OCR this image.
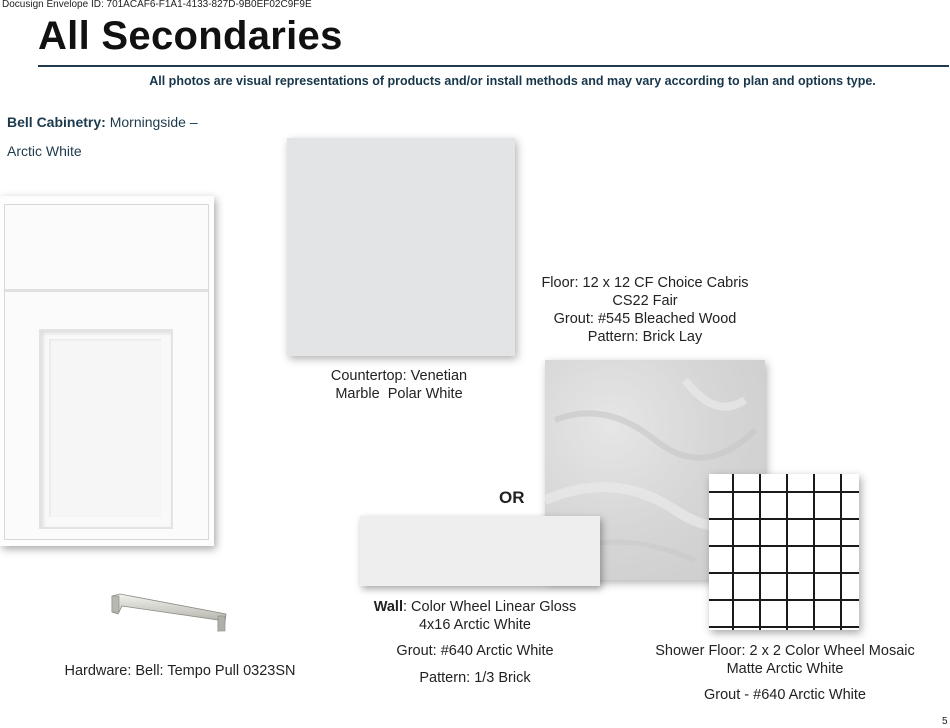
Docusign Envelope ID: 701ACAF6-F1A1-4133-827D-9B0EF02C9F9E
All Secondaries
All photos are visual representations of products and/or install methods and may vary according to plan and options type.
Bell Cabinetry: Morningside –
Arctic White
Countertop: Venetian
Marble  Polar White
Floor: 12 x 12 CF Choice Cabris
CS22 Fair
Grout: #545 Bleached Wood
Pattern: Brick Lay
OR
Wall: Color Wheel Linear Gloss
4x16 Arctic White
Grout: #640 Arctic White
Pattern: 1/3 Brick
Shower Floor: 2 x 2 Color Wheel Mosaic
Matte Arctic White
Grout - #640 Arctic White
Hardware: Bell: Tempo Pull 0323SN
5
